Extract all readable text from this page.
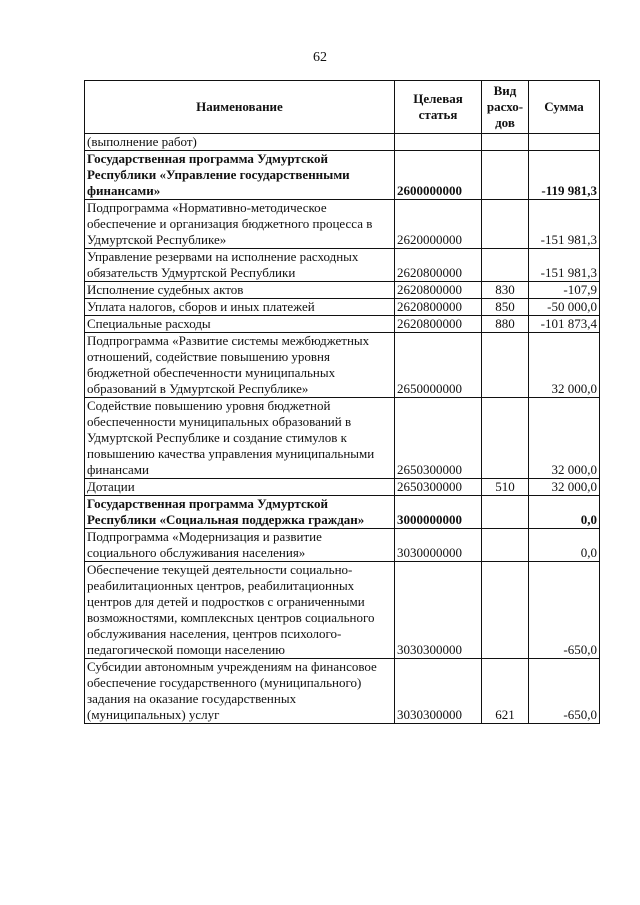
62
Наименование	Целевая статья	Вид расхо-дов	Сумма
(выполнение работ)			
Государственная программа Удмуртской Республики «Управление государственными финансами»	2600000000		-119 981,3
Подпрограмма «Нормативно-методическое обеспечение и организация бюджетного процесса в Удмуртской Республике»	2620000000		-151 981,3
Управление резервами на исполнение расходных обязательств Удмуртской Республики	2620800000		-151 981,3
Исполнение судебных актов	2620800000	830	-107,9
Уплата налогов, сборов и иных платежей	2620800000	850	-50 000,0
Специальные расходы	2620800000	880	-101 873,4
Подпрограмма «Развитие системы межбюджетных отношений, содействие повышению уровня бюджетной обеспеченности муниципальных образований в Удмуртской Республике»	2650000000		32 000,0
Содействие повышению уровня бюджетной обеспеченности муниципальных образований в Удмуртской Республике и создание стимулов к повышению качества управления муниципальными финансами	2650300000		32 000,0
Дотации	2650300000	510	32 000,0
Государственная программа Удмуртской Республики «Социальная поддержка граждан»	3000000000		0,0
Подпрограмма «Модернизация и развитие социального обслуживания населения»	3030000000		0,0
Обеспечение текущей деятельности социально-реабилитационных центров, реабилитационных центров для детей и подростков с ограниченными возможностями, комплексных центров социального обслуживания населения, центров психолого-педагогической помощи населению	3030300000		-650,0
Субсидии автономным учреждениям на финансовое обеспечение государственного (муниципального) задания на оказание государственных (муниципальных) услуг	3030300000	621	-650,0
